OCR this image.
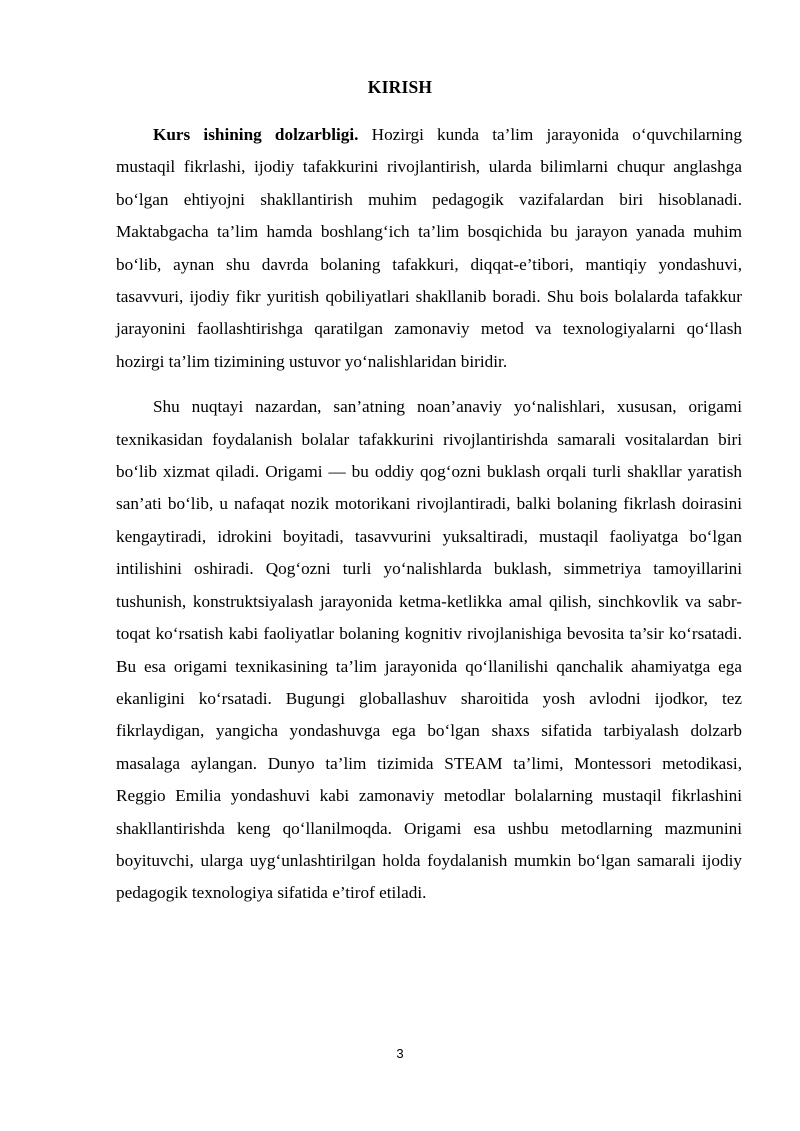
KIRISH

Kurs ishining dolzarbligi. Hozirgi kunda ta’lim jarayonida o‘quvchilarning mustaqil fikrlashi, ijodiy tafakkurini rivojlantirish, ularda bilimlarni chuqur anglashga bo‘lgan ehtiyojni shakllantirish muhim pedagogik vazifalardan biri hisoblanadi. Maktabgacha ta’lim hamda boshlang‘ich ta’lim bosqichida bu jarayon yanada muhim bo‘lib, aynan shu davrda bolaning tafakkuri, diqqat-e’tibori, mantiqiy yondashuvi, tasavvuri, ijodiy fikr yuritish qobiliyatlari shakllanib boradi. Shu bois bolalarda tafakkur jarayonini faollashtirishga qaratilgan zamonaviy metod va texnologiyalarni qo‘llash hozirgi ta’lim tizimining ustuvor yo‘nalishlaridan biridir.

Shu nuqtayi nazardan, san’atning noan’anaviy yo‘nalishlari, xususan, origami texnikasidan foydalanish bolalar tafakkurini rivojlantirishda samarali vositalardan biri bo‘lib xizmat qiladi. Origami — bu oddiy qog‘ozni buklash orqali turli shakllar yaratish san’ati bo‘lib, u nafaqat nozik motorikani rivojlantiradi, balki bolaning fikrlash doirasini kengaytiradi, idrokini boyitadi, tasavvurini yuksaltiradi, mustaqil faoliyatga bo‘lgan intilishini oshiradi. Qog‘ozni turli yo‘nalishlarda buklash, simmetriya tamoyillarini tushunish, konstruktsiyalash jarayonida ketma-ketlikka amal qilish, sinchkovlik va sabr-toqat ko‘rsatish kabi faoliyatlar bolaning kognitiv rivojlanishiga bevosita ta’sir ko‘rsatadi. Bu esa origami texnikasining ta’lim jarayonida qo‘llanilishi qanchalik ahamiyatga ega ekanligini ko‘rsatadi. Bugungi globallashuv sharoitida yosh avlodni ijodkor, tez fikrlaydigan, yangicha yondashuvga ega bo‘lgan shaxs sifatida tarbiyalash dolzarb masalaga aylangan. Dunyo ta’lim tizimida STEAM ta’limi, Montessori metodikasi, Reggio Emilia yondashuvi kabi zamonaviy metodlar bolalarning mustaqil fikrlashini shakllantirishda keng qo‘llanilmoqda. Origami esa ushbu metodlarning mazmunini boyituvchi, ularga uyg‘unlashtirilgan holda foydalanish mumkin bo‘lgan samarali ijodiy pedagogik texnologiya sifatida e’tirof etiladi.

3
